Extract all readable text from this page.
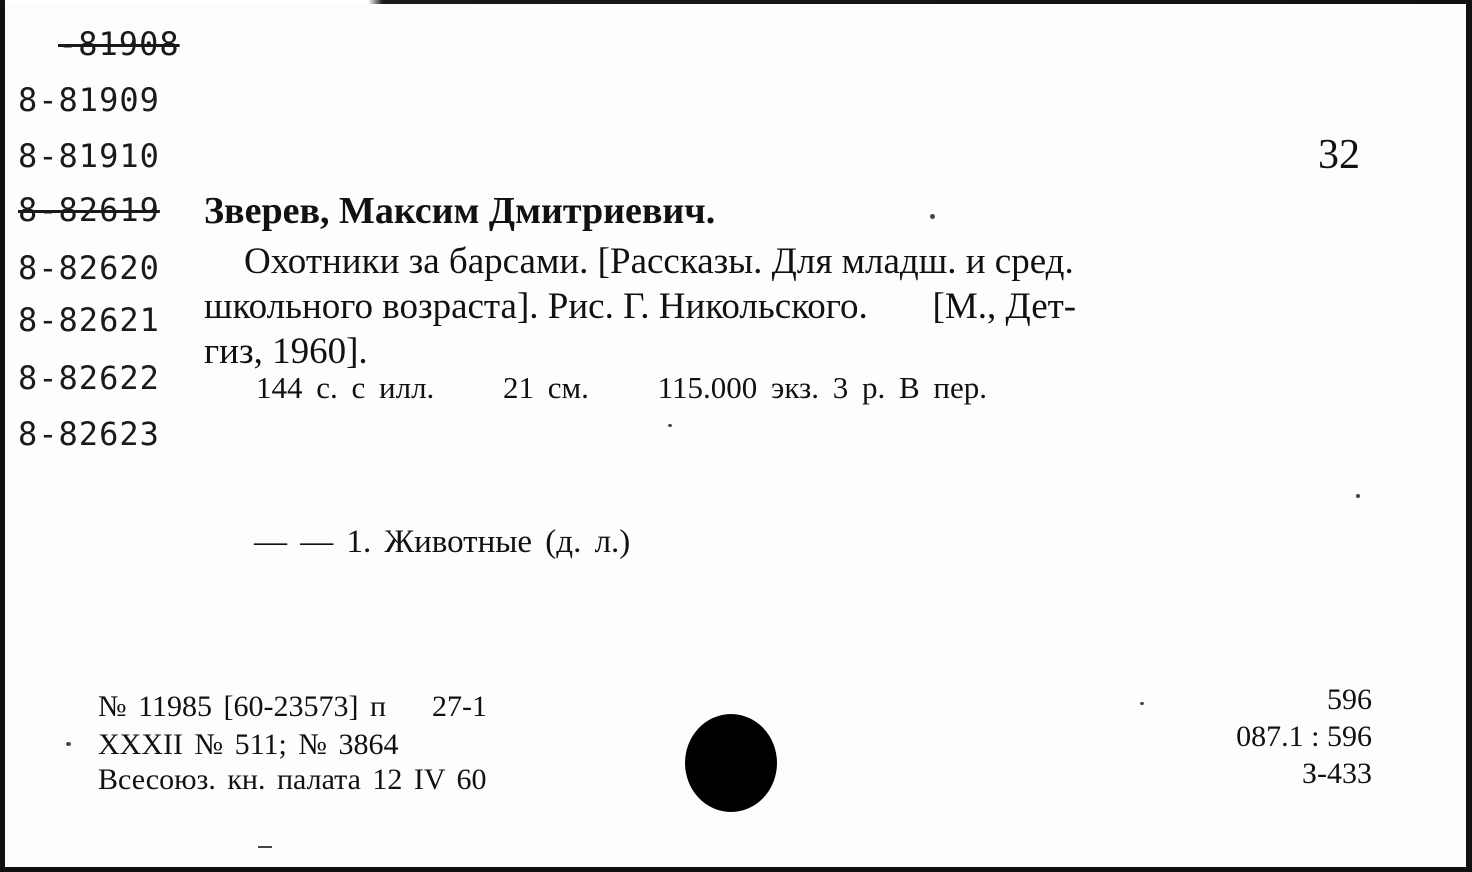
-81908
8-81909
8-81910
8-82619
8-82620
8-82621
8-82622
8-82623
32
Зверев, Максим Дмитриевич.
Охотники за барсами. [Рассказы. Для младш. и сред.
школьного возраста]. Рис. Г. Никольского.       [М., Дет-
гиз, 1960].
144 с. с илл.     21 см.     115.000 экз. 3 р. В пер.
— — 1. Животные (д. л.)
№ 11985 [60-23573] п    27-1
XXXII № 511; № 3864
Всесоюз. кн. палата 12 IV 60
596
087.1 : 596
З-433
